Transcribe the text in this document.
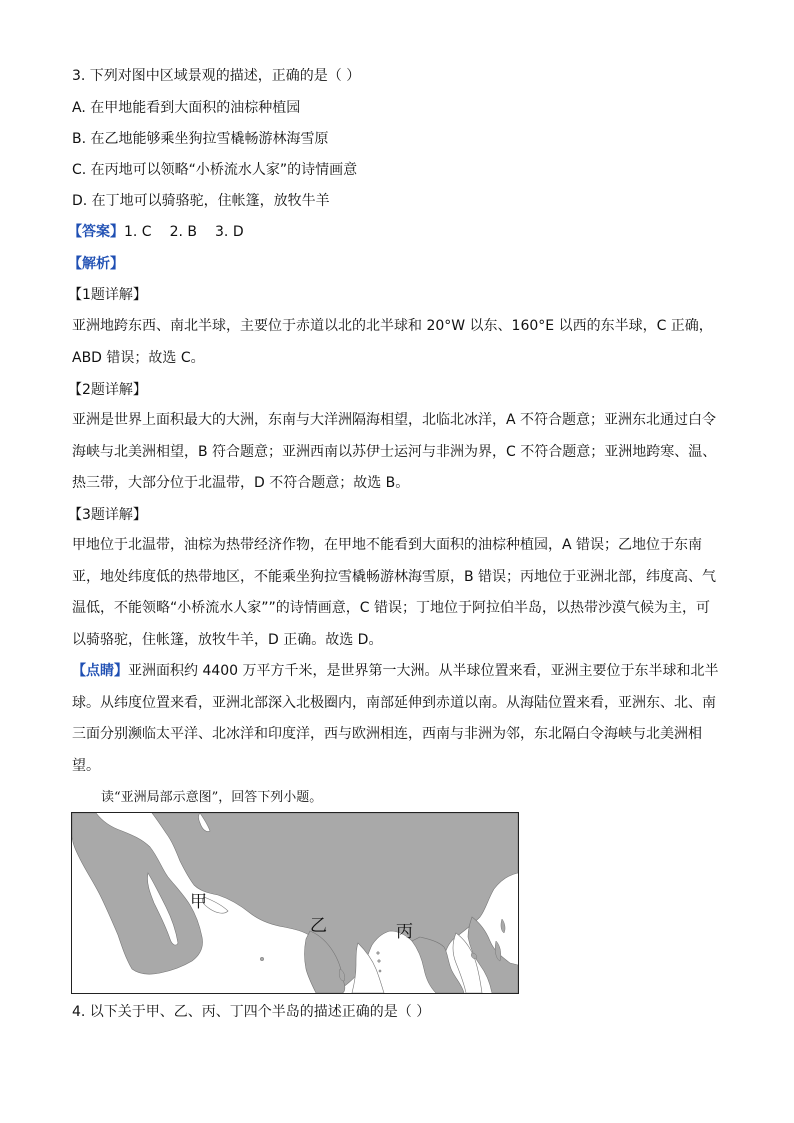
3. 下列对图中区域景观的描述，正确的是（ ）
A. 在甲地能看到大面积的油棕种植园
B. 在乙地能够乘坐狗拉雪橇畅游林海雪原
C. 在丙地可以领略“小桥流水人家”的诗情画意
D. 在丁地可以骑骆驼，住帐篷，放牧牛羊
【答案】1. C 2. B 3. D
【解析】
【1题详解】
亚洲地跨东西、南北半球，主要位于赤道以北的北半球和 20°W 以东、160°E 以西的东半球，C 正确，ABD 错误；故选 C。
【2题详解】
亚洲是世界上面积最大的大洲，东南与大洋洲隔海相望，北临北冰洋，A 不符合题意；亚洲东北通过白令海峡与北美洲相望，B 符合题意；亚洲西南以苏伊士运河与非洲为界，C 不符合题意；亚洲地跨寒、温、热三带，大部分位于北温带，D 不符合题意；故选 B。
【3题详解】
甲地位于北温带，油棕为热带经济作物，在甲地不能看到大面积的油棕种植园，A 错误；乙地位于东南亚，地处纬度低的热带地区，不能乘坐狗拉雪橇畅游林海雪原，B 错误；丙地位于亚洲北部，纬度高、气温低，不能领略“小桥流水人家””的诗情画意，C 错误；丁地位于阿拉伯半岛，以热带沙漠气候为主，可以骑骆驼，住帐篷，放牧牛羊，D 正确。故选 D。
【点睛】亚洲面积约 4400 万平方千米，是世界第一大洲。从半球位置来看，亚洲主要位于东半球和北半球。从纬度位置来看，亚洲北部深入北极圈内，南部延伸到赤道以南。从海陆位置来看，亚洲东、北、南三面分别濒临太平洋、北冰洋和印度洋，西与欧洲相连，西南与非洲为邻，东北隔白令海峡与北美洲相望。
读“亚洲局部示意图”，回答下列小题。
甲
乙	丙
4. 以下关于甲、乙、丙、丁四个半岛的描述正确的是（ ）
